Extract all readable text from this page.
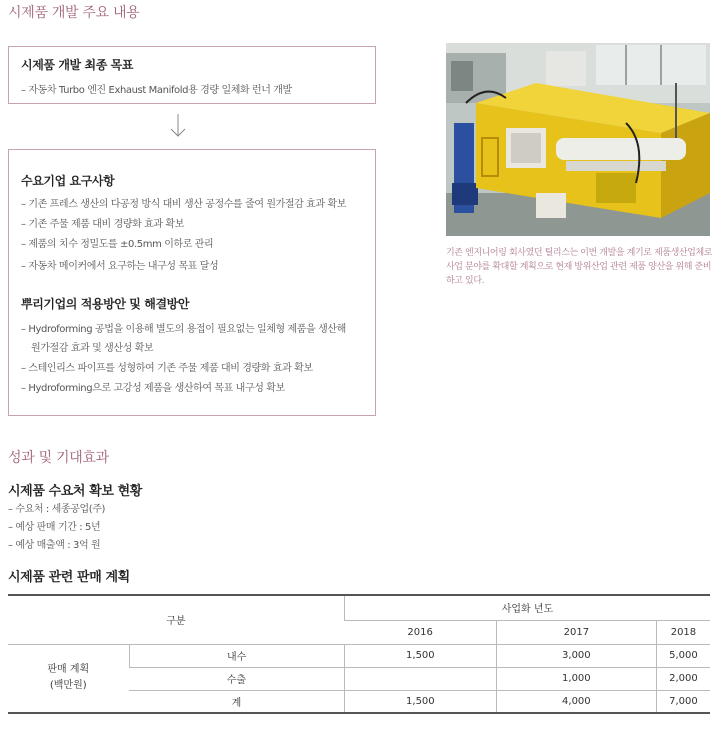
시제품 개발 주요 내용
시제품 개발 최종 목표
– 자동차 Turbo 엔진 Exhaust Manifold용 경량 일체화 런너 개발
수요기업 요구사항
– 기존 프레스 생산의 다공정 방식 대비 생산 공정수를 줄여 원가절감 효과 확보
– 기존 주물 제품 대비 경량화 효과 확보
– 제품의 치수 정밀도를 ±0.5mm 이하로 관리
– 자동차 메이커에서 요구하는 내구성 목표 달성
뿌리기업의 적용방안 및 해결방안
– Hydroforming 공법을 이용해 별도의 용접이 필요없는 일체형 제품을 생산해
원가절감 효과 및 생산성 확보
– 스테인리스 파이프를 성형하여 기존 주물 제품 대비 경량화 효과 확보
– Hydroforming으로 고강성 제품을 생산하여 목표 내구성 확보
기존 엔지니어링 회사였던 틸리스는 이번 개발을 계기로 제품생산업체로 사업 분야를 확대할 계획으로 현재 방위산업 관련 제품 양산을 위해 준비하고 있다.
성과 및 기대효과
시제품 수요처 확보 현황
– 수요처 : 세종공업(주)
– 예상 판매 기간 : 5년
– 예상 매출액 : 3억 원
시제품 관련 판매 계획
구분		사업화 년도		
		2016	2017	2018
판매 계획
(백만원)	내수	1,500	3,000	5,000
	수출		1,000	2,000
	계	1,500	4,000	7,000
